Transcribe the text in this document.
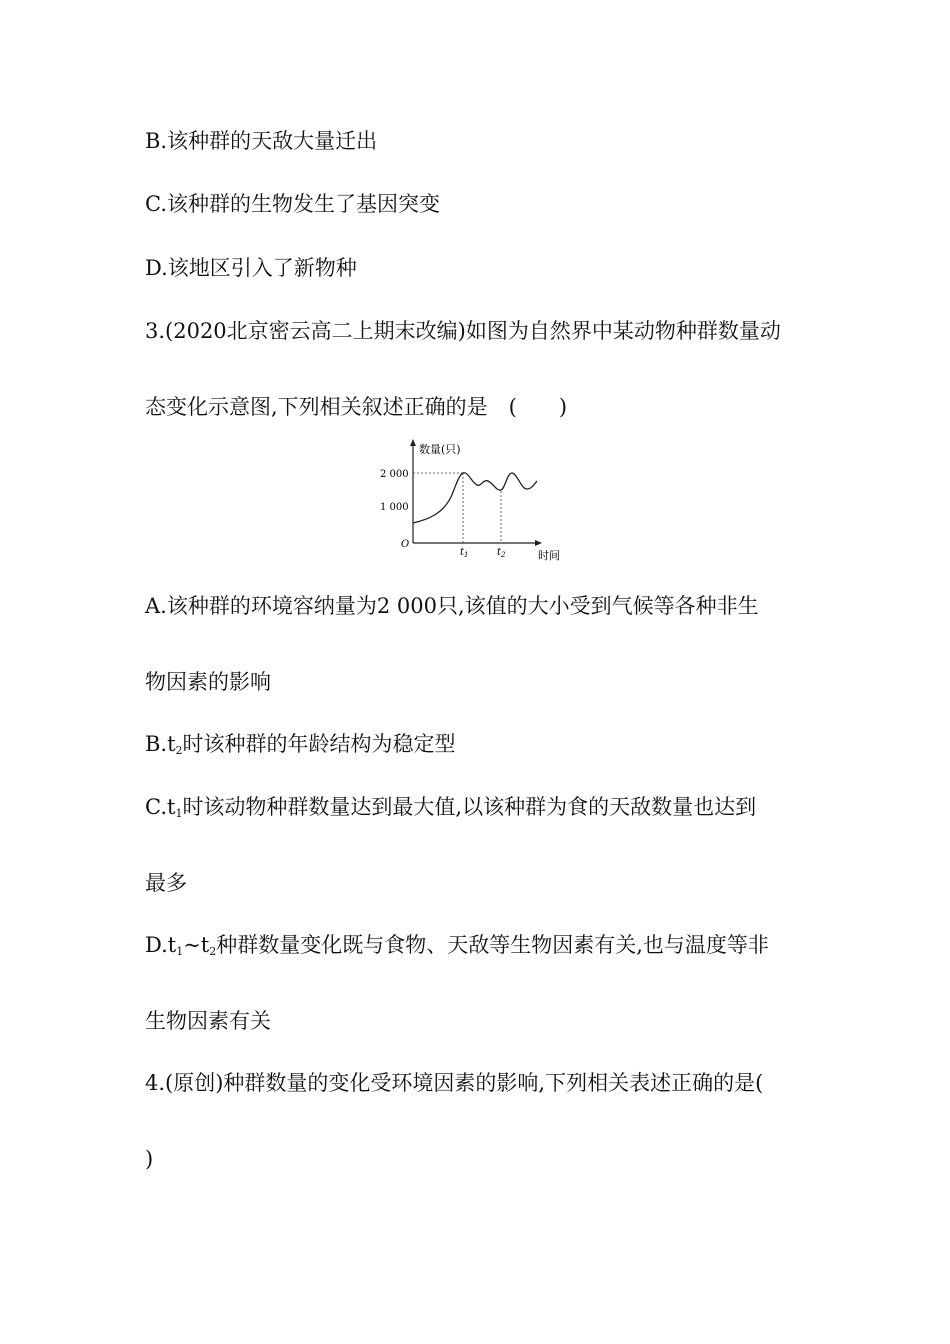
B.该种群的天敌大量迁出
C.该种群的生物发生了基因突变
D.该地区引入了新物种
3.(2020北京密云高二上期末改编)如图为自然界中某动物种群数量动
态变化示意图,下列相关叙述正确的是　(　　)
数量(只)
2 000
1 000
O
$t_1$	$t_2$	时间
A.该种群的环境容纳量为2 000只,该值的大小受到气候等各种非生
物因素的影响
$B.t_2$时该种群的年龄结构为稳定型
$C.t_1$时该动物种群数量达到最大值,以该种群为食的天敌数量也达到
最多
$D.t_1\sim t_2$种群数量变化既与食物、天敌等生物因素有关,也与温度等非
生物因素有关
4.(原创)种群数量的变化受环境因素的影响,下列相关表述正确的是(
)
